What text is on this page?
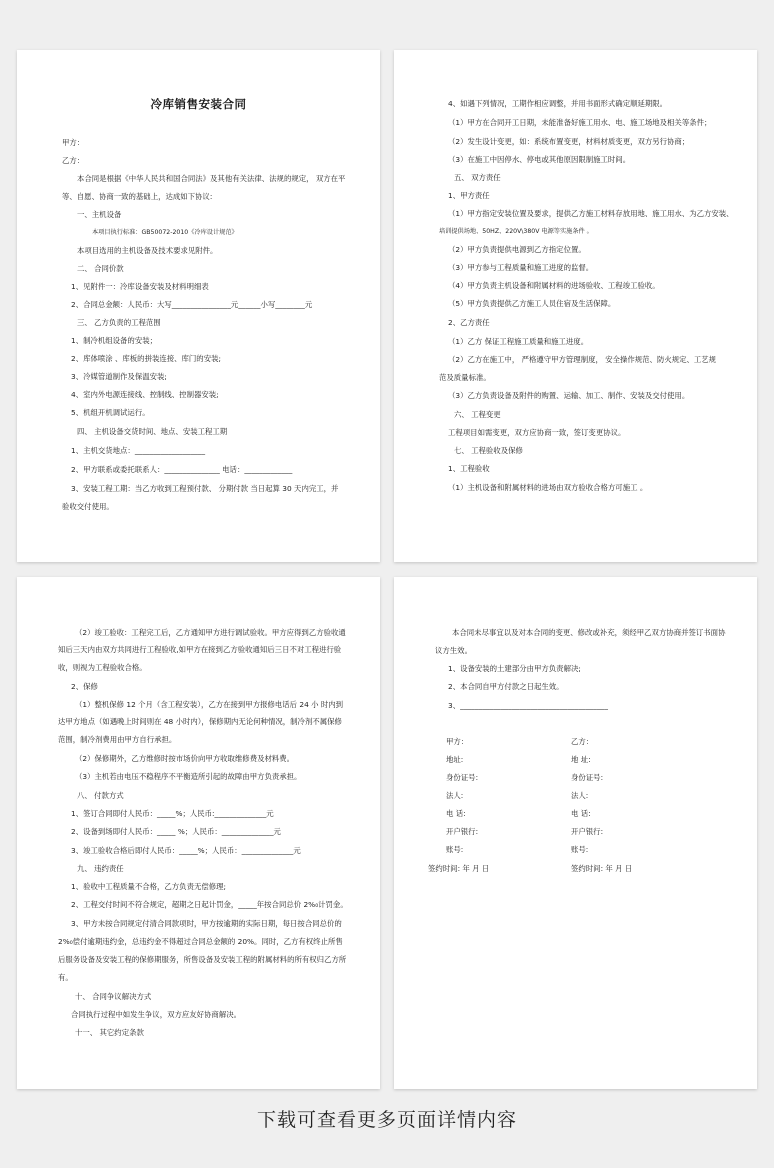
冷库销售安装合同
甲方：
乙方：
本合同是根据《中华人民共和国合同法》及其他有关法律、法规的规定， 双方在平
等、自愿、协商一致的基础上，达成如下协议:
一、主机设备
本项目执行标准：GB50072-2010《冷库设计规范》
本项目选用的主机设备及技术要求见附件。
二、 合同价款
1、见附件一：冷库设备安装及材料明细表
2、合同总金额：人民币：大写________________元______小写________元
三、 乙方负责的工程范围
1、制冷机组设备的安装；
2、库体喷涂 、库板的拼装连接、库门的安装;
3、冷媒管道制作及保温安装;
4、室内外电源连接线、控制线、控制器安装;
5、机组开机调试运行。
四、 主机设备交货时间、地点、安装工程工期
1、主机交货地点：___________________
2、甲方联系或委托联系人：_______________ 电话：_____________
3、安装工程工期：当乙方收到工程预付款、 分期付款 当日起算 30 天内完工，并
验收交付使用。
4、如遇下列情况，工期作相应调整，并用书面形式确定顺延期限。
（1）甲方在合同开工日期，未能准备好施工用水、电、施工场地及相关等条件；
（2）发生设计变更，如：系统布置变更，材料材质变更，双方另行协商；
（3）在施工中因停水、停电或其他原因限制施工时间。
五、 双方责任
1、甲方责任
（1）甲方指定安装位置及要求，提供乙方施工材料存放用地、施工用水、为乙方安装、
培训提供场地、50HZ、220V\380V 电源等实施条件 。
（2）甲方负责提供电源到乙方指定位置。
（3）甲方参与工程质量和施工进度的监督。
（4）甲方负责主机设备和附属材料的进场验收、工程竣工验收。
（5）甲方负责提供乙方施工人员住宿及生活保障。
2、乙方责任
（1）乙方 保证工程施工质量和施工进度。
（2）乙方在施工中， 严格遵守甲方管理制度， 安全操作规范、防火规定、工艺规
范及质量标准。
（3）乙方负责设备及附件的购置、运输、加工、制作、安装及交付使用。
六、 工程变更
工程项目如需变更，双方应协商一致，签订变更协议。
七、 工程验收及保修
1、工程验收
（1）主机设备和附属材料的进场由双方验收合格方可施工 。
（2）竣工验收：工程完工后，乙方通知甲方进行调试验收。甲方应得到乙方验收通
知后三天内由双方共同进行工程验收,如甲方在接到乙方验收通知后三日不对工程进行验
收，则视为工程验收合格。
2、保修
（1）整机保修 12 个月（含工程安装），乙方在接到甲方报修电话后 24 小 时内到
达甲方地点（如遇晚上时间则在 48 小时内），保修期内无论何种情况，制冷剂不属保修
范围，制冷剂费用由甲方自行承担。
（2）保修期外，乙方维修时按市场价向甲方收取维修费及材料费。
（3）主机若由电压不稳程序不平衡造所引起的故障由甲方负责承担。
八、 付款方式
1、签订合同即付人民币：_____%；人民币:______________元
2、设备到场即付人民币：_____ %；人民币：______________元
3、竣工验收合格后即付人民币：_____%；人民币：______________元
九、 违约责任
1、验收中工程质量不合格，乙方负责无偿修理;
2、工程交付时间不符合规定，超期之日起计罚金，_____年按合同总价 2%₀计罚金。
3、甲方未按合同规定付清合同款项时，甲方按逾期的实际日期，每日按合同总价的
2%₀偿付逾期违约金，总违约金不得超过合同总金额的 20%。同时，乙方有权终止所售
后服务设备及安装工程的保修期服务，所售设备及安装工程的附属材料的所有权归乙方所
有。
十、 合同争议解决方式
合同执行过程中如发生争议，双方应友好协商解决。
十一、 其它约定条款
本合同未尽事宜以及对本合同的变更、修改或补充，须经甲乙双方协商并签订书面协
议方生效。
1、设备安装的土建部分由甲方负责解决;
2、本合同自甲方付款之日起生效。
3、________________________________________
甲方：
地址:
身份证号:
法人:
电 话:
开户银行:
账号:
签约时间: 年 月 日
乙方：
地 址:
身份证号:
法人:
电 话:
开户银行:
账号:
签约时间: 年 月 日
下载可查看更多页面详情内容
